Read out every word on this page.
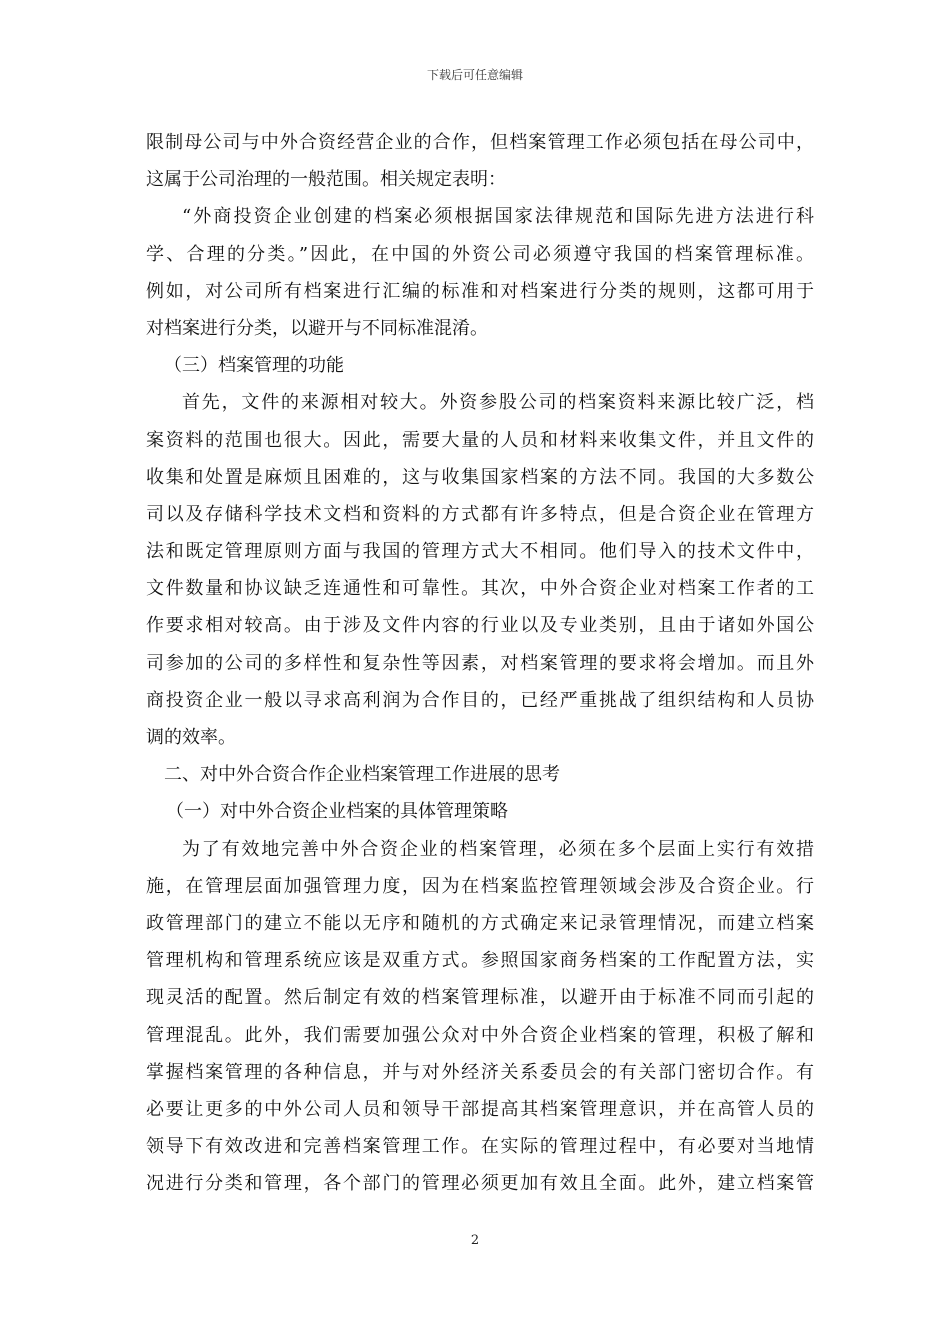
下载后可任意编辑
限制母公司与中外合资经营企业的合作，但档案管理工作必须包括在母公司中，
这属于公司治理的一般范围。相关规定表明：
“外商投资企业创建的档案必须根据国家法律规范和国际先进方法进行科
学、合理的分类。”因此，在中国的外资公司必须遵守我国的档案管理标准。
例如，对公司所有档案进行汇编的标准和对档案进行分类的规则，这都可用于
对档案进行分类，以避开与不同标准混淆。
（三）档案管理的功能
首先，文件的来源相对较大。外资参股公司的档案资料来源比较广泛，档
案资料的范围也很大。因此，需要大量的人员和材料来收集文件，并且文件的
收集和处置是麻烦且困难的，这与收集国家档案的方法不同。我国的大多数公
司以及存储科学技术文档和资料的方式都有许多特点，但是合资企业在管理方
法和既定管理原则方面与我国的管理方式大不相同。他们导入的技术文件中，
文件数量和协议缺乏连通性和可靠性。其次，中外合资企业对档案工作者的工
作要求相对较高。由于涉及文件内容的行业以及专业类别，且由于诸如外国公
司参加的公司的多样性和复杂性等因素，对档案管理的要求将会增加。而且外
商投资企业一般以寻求高利润为合作目的，已经严重挑战了组织结构和人员协
调的效率。
二、对中外合资合作企业档案管理工作进展的思考
（一）对中外合资企业档案的具体管理策略
为了有效地完善中外合资企业的档案管理，必须在多个层面上实行有效措
施，在管理层面加强管理力度，因为在档案监控管理领域会涉及合资企业。行
政管理部门的建立不能以无序和随机的方式确定来记录管理情况，而建立档案
管理机构和管理系统应该是双重方式。参照国家商务档案的工作配置方法，实
现灵活的配置。然后制定有效的档案管理标准，以避开由于标准不同而引起的
管理混乱。此外，我们需要加强公众对中外合资企业档案的管理，积极了解和
掌握档案管理的各种信息，并与对外经济关系委员会的有关部门密切合作。有
必要让更多的中外公司人员和领导干部提高其档案管理意识，并在高管人员的
领导下有效改进和完善档案管理工作。在实际的管理过程中，有必要对当地情
况进行分类和管理，各个部门的管理必须更加有效且全面。此外，建立档案管
2
